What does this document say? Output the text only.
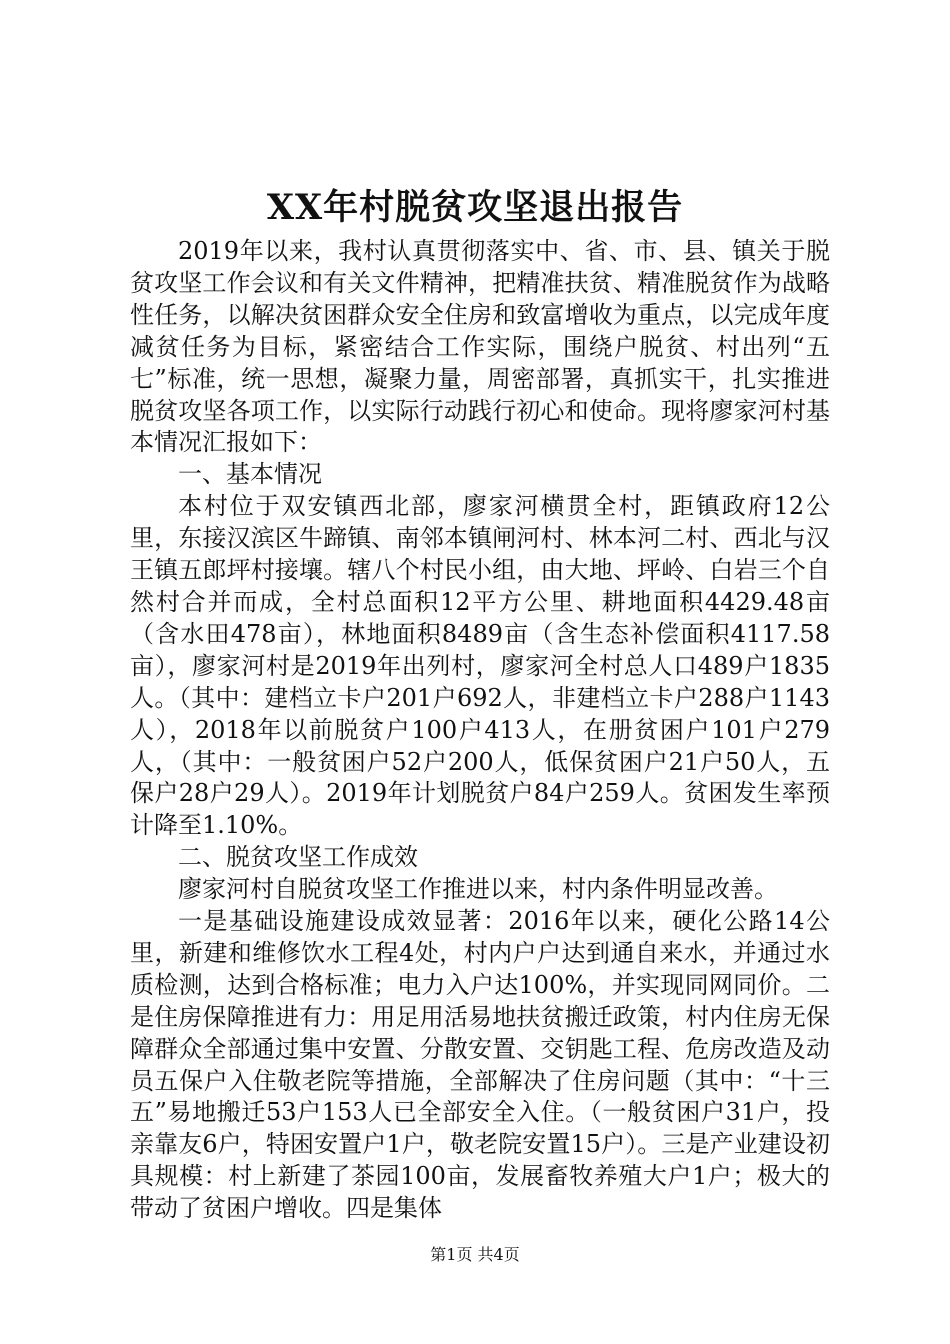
XX年村脱贫攻坚退出报告

2019年以来，我村认真贯彻落实中、省、市、县、镇关于脱贫攻坚工作会议和有关文件精神，把精准扶贫、精准脱贫作为战略性任务，以解决贫困群众安全住房和致富增收为重点，以完成年度减贫任务为目标，紧密结合工作实际，围绕户脱贫、村出列“五七”标准，统一思想，凝聚力量，周密部署，真抓实干，扎实推进脱贫攻坚各项工作，以实际行动践行初心和使命。现将廖家河村基本情况汇报如下：

一、基本情况

本村位于双安镇西北部，廖家河横贯全村，距镇政府12公里，东接汉滨区牛蹄镇、南邻本镇闸河村、林本河二村、西北与汉王镇五郎坪村接壤。辖八个村民小组，由大地、坪岭、白岩三个自然村合并而成，全村总面积12平方公里、耕地面积4429.48亩（含水田478亩），林地面积8489亩（含生态补偿面积4117.58亩），廖家河村是2019年出列村，廖家河全村总人口489户1835人。（其中：建档立卡户201户692人，非建档立卡户288户1143人），2018年以前脱贫户100户413人，在册贫困户101户279人，（其中：一般贫困户52户200人，低保贫困户21户50人，五保户28户29人）。2019年计划脱贫户84户259人。贫困发生率预计降至1.10%。

二、脱贫攻坚工作成效

廖家河村自脱贫攻坚工作推进以来，村内条件明显改善。

一是基础设施建设成效显著：2016年以来，硬化公路14公里，新建和维修饮水工程4处，村内户户达到通自来水，并通过水质检测，达到合格标准；电力入户达100%，并实现同网同价。二是住房保障推进有力：用足用活易地扶贫搬迁政策，村内住房无保障群众全部通过集中安置、分散安置、交钥匙工程、危房改造及动员五保户入住敬老院等措施，全部解决了住房问题（其中：“十三五”易地搬迁53户153人已全部安全入住。（一般贫困户31户，投亲靠友6户，特困安置户1户，敬老院安置15户）。三是产业建设初具规模：村上新建了茶园100亩，发展畜牧养殖大户1户；极大的带动了贫困户增收。四是集体

第1页 共4页
